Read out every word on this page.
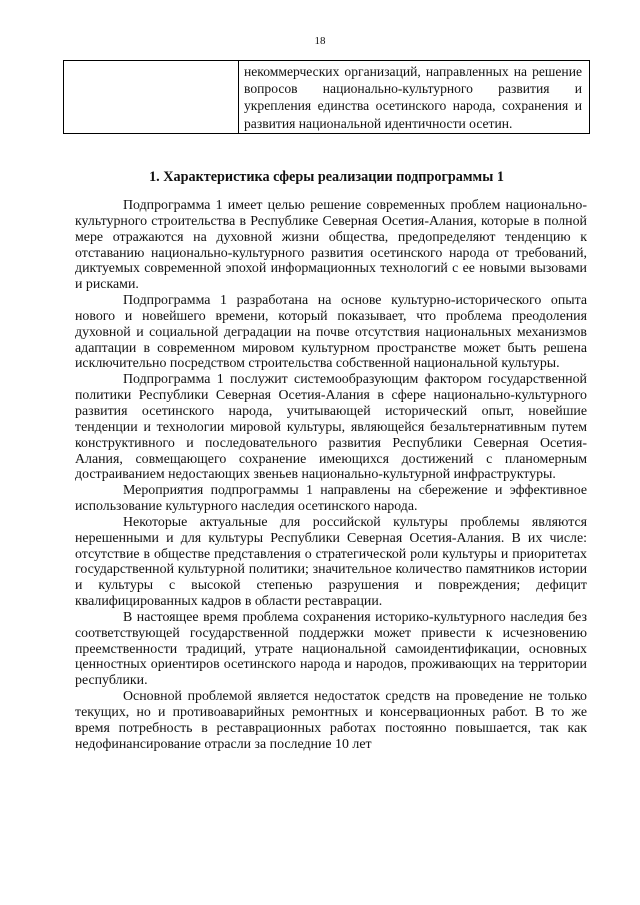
18
	некоммерческих организаций, направленных на решение вопросов национально-культурного развития и укрепления единства осетинского народа, сохранения и развития национальной идентичности осетин.
1. Характеристика сферы реализации подпрограммы 1

Подпрограмма 1 имеет целью решение современных проблем национально-культурного строительства в Республике Северная Осетия-Алания, которые в полной мере отражаются на духовной жизни общества, предопределяют тенденцию к отставанию национально-культурного развития осетинского народа от требований, диктуемых современной эпохой информационных технологий с ее новыми вызовами и рисками.

Подпрограмма 1 разработана на основе культурно-исторического опыта нового и новейшего времени, который показывает, что проблема преодоления духовной и социальной деградации на почве отсутствия национальных механизмов адаптации в современном мировом культурном пространстве может быть решена исключительно посредством строительства собственной национальной культуры.

Подпрограмма 1 послужит системообразующим фактором государственной политики Республики Северная Осетия-Алания в сфере национально-культурного развития осетинского народа, учитывающей исторический опыт, новейшие тенденции и технологии мировой культуры, являющейся безальтернативным путем конструктивного и последовательного развития Республики Северная Осетия-Алания, совмещающего сохранение имеющихся достижений с планомерным достраиванием недостающих звеньев национально-культурной инфраструктуры.

Мероприятия подпрограммы 1 направлены на сбережение и эффективное использование культурного наследия осетинского народа.

Некоторые актуальные для российской культуры проблемы являются нерешенными и для культуры Республики Северная Осетия-Алания. В их числе: отсутствие в обществе представления о стратегической роли культуры и приоритетах государственной культурной политики; значительное количество памятников истории и культуры с высокой степенью разрушения и повреждения; дефицит квалифицированных кадров в области реставрации.

В настоящее время проблема сохранения историко-культурного наследия без соответствующей государственной поддержки может привести к исчезновению преемственности традиций, утрате национальной самоидентификации, основных ценностных ориентиров осетинского народа и народов, проживающих на территории республики.

Основной проблемой является недостаток средств на проведение не только текущих, но и противоаварийных ремонтных и консервационных работ. В то же время потребность в реставрационных работах постоянно повышается, так как недофинансирование отрасли за последние 10 лет
